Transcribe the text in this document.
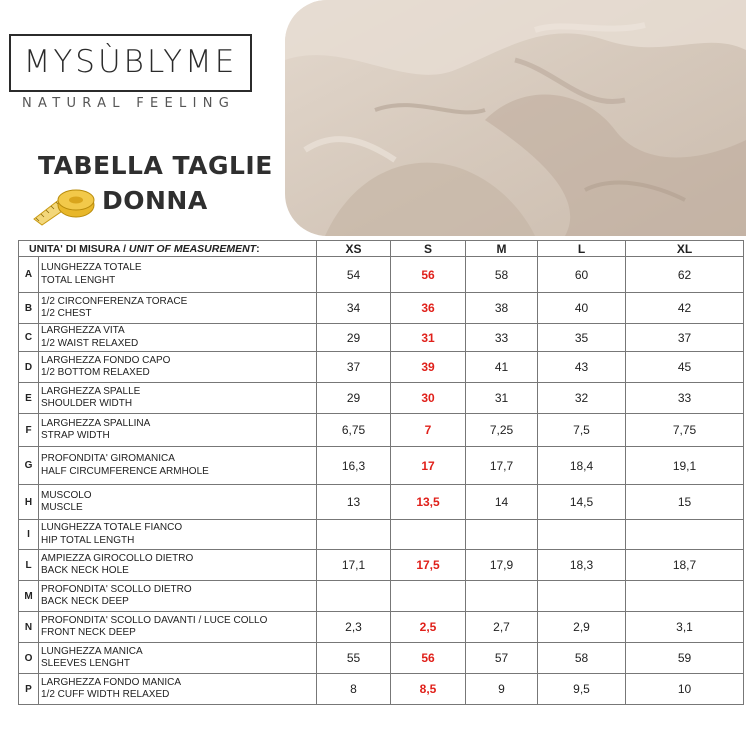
MYSÙBLYME
NATURAL FEELING
TABELLA TAGLIE
DONNA
UNITA' DI MISURA / UNIT OF MEASUREMENT:		XS	S	M	L	XL
A	LUNGHEZZA TOTALE
TOTAL LENGHT	54	56	58	60	62
B	1/2 CIRCONFERENZA TORACE
1/2 CHEST	34	36	38	40	42
C	LARGHEZZA VITA
1/2 WAIST RELAXED	29	31	33	35	37
D	LARGHEZZA FONDO CAPO
1/2 BOTTOM RELAXED	37	39	41	43	45
E	LARGHEZZA SPALLE
SHOULDER WIDTH	29	30	31	32	33
F	LARGHEZZA SPALLINA
STRAP WIDTH	6,75	7	7,25	7,5	7,75
G	PROFONDITA' GIROMANICA
HALF CIRCUMFERENCE ARMHOLE	16,3	17	17,7	18,4	19,1
H	MUSCOLO
MUSCLE	13	13,5	14	14,5	15
I	LUNGHEZZA TOTALE FIANCO
HIP TOTAL LENGTH					

L	AMPIEZZA GIROCOLLO DIETRO
BACK NECK HOLE	17,1	17,5	17,9	18,3	18,7
M	PROFONDITA' SCOLLO DIETRO
BACK NECK DEEP					

N	PROFONDITA' SCOLLO DAVANTI / LUCE COLLO
FRONT NECK DEEP	2,3	2,5	2,7	2,9	3,1
O	LUNGHEZZA MANICA
SLEEVES LENGHT	55	56	57	58	59
P	LARGHEZZA FONDO MANICA
1/2 CUFF WIDTH RELAXED	8	8,5	9	9,5	10
